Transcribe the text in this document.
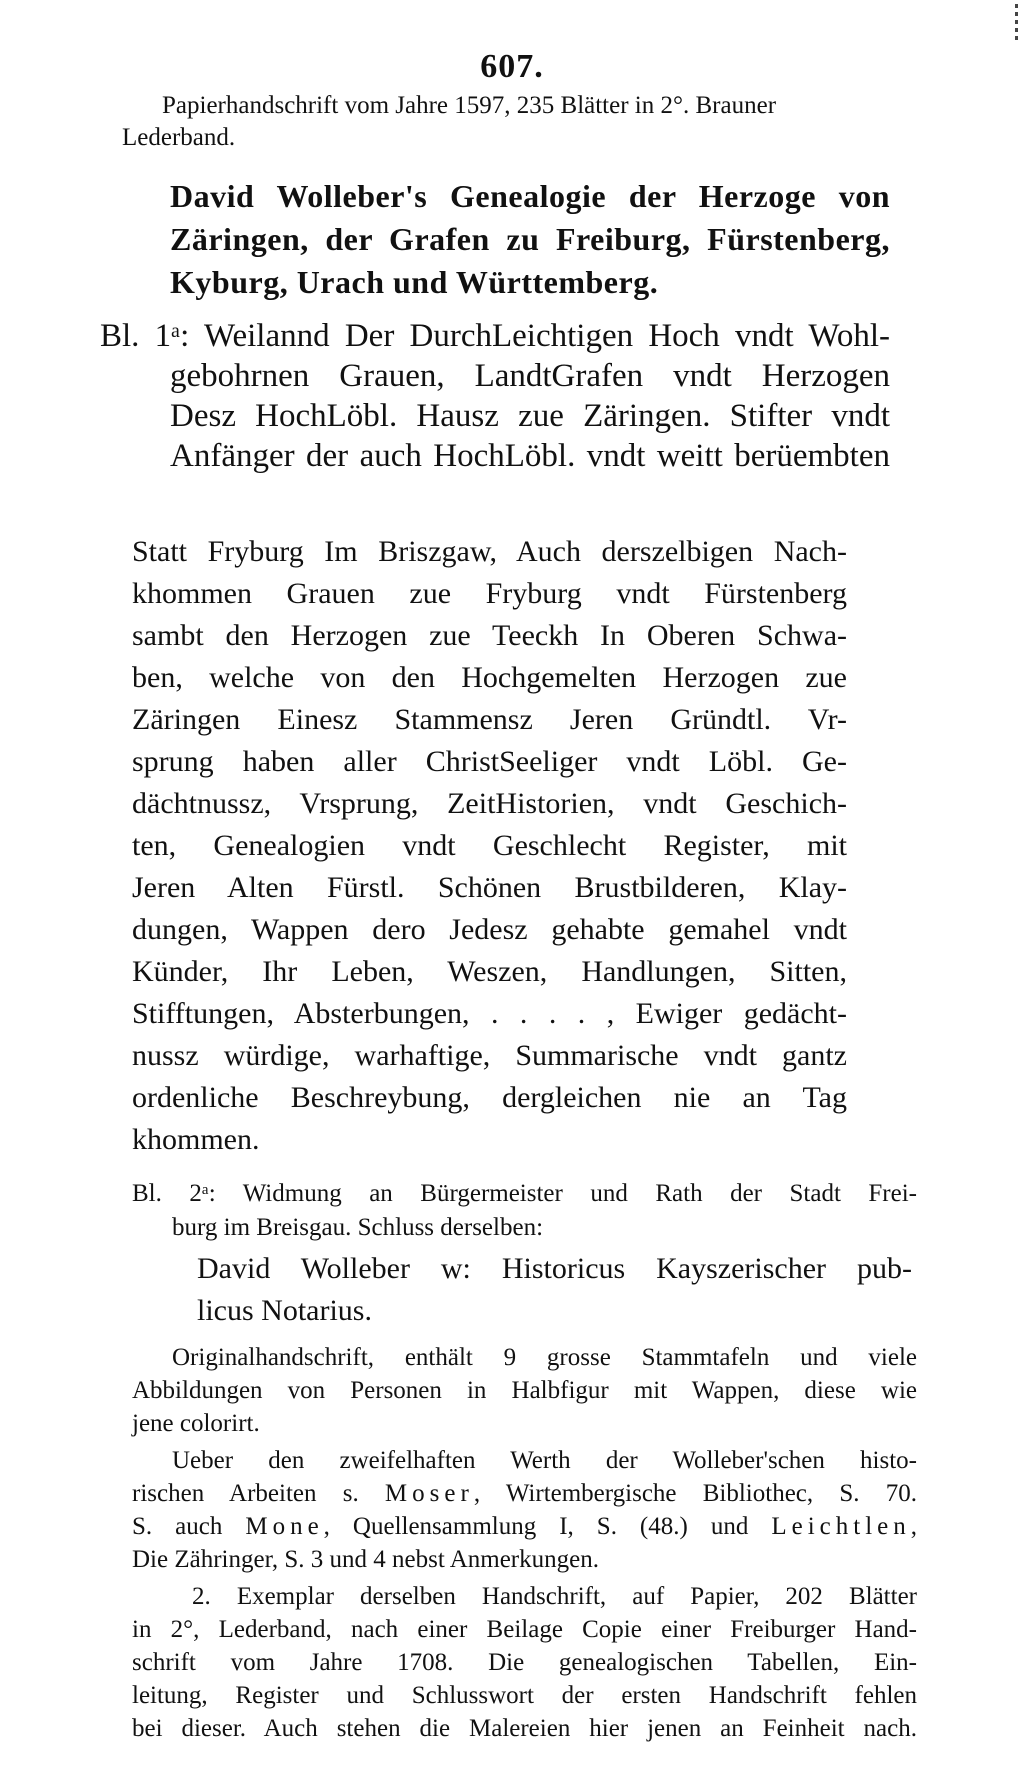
607.
Papierhandschrift vom Jahre 1597, 235 Blätter in 2°. Brauner
Lederband.
David Wolleber's Genealogie der Herzoge von
Zäringen, der Grafen zu Freiburg, Fürstenberg,
Kyburg, Urach und Württemberg.
Bl. 1ᵃ: Weilannd Der DurchLeichtigen Hoch vndt Wohl-
gebohrnen Grauen, LandtGrafen vndt Herzogen
Desz HochLöbl. Hausz zue Zäringen. Stifter vndt
Anfänger der auch HochLöbl. vndt weitt berüembten
Statt Fryburg Im Briszgaw, Auch derszelbigen Nach-
khommen Grauen zue Fryburg vndt Fürstenberg
sambt den Herzogen zue Teeckh In Oberen Schwa-
ben, welche von den Hochgemelten Herzogen zue
Zäringen Einesz Stammensz Jeren Gründtl. Vr-
sprung haben aller ChristSeeliger vndt Löbl. Ge-
dächtnussz, Vrsprung, ZeitHistorien, vndt Geschich-
ten, Genealogien vndt Geschlecht Register, mit
Jeren Alten Fürstl. Schönen Brustbilderen, Klay-
dungen, Wappen dero Jedesz gehabte gemahel vndt
Künder, Ihr Leben, Weszen, Handlungen, Sitten,
Stifftungen, Absterbungen, . . . . , Ewiger gedächt-
nussz würdige, warhaftige, Summarische vndt gantz
ordenliche Beschreybung, dergleichen nie an Tag
khommen.
Bl. 2ᵃ: Widmung an Bürgermeister und Rath der Stadt Frei-
burg im Breisgau. Schluss derselben:
David Wolleber w: Historicus Kayszerischer pub-
licus Notarius.
Originalhandschrift, enthält 9 grosse Stammtafeln und viele
Abbildungen von Personen in Halbfigur mit Wappen, diese wie
jene colorirt.
Ueber den zweifelhaften Werth der Wolleber'schen histo-
rischen Arbeiten s. Moser, Wirtembergische Bibliothec, S. 70.
S. auch Mone, Quellensammlung I, S. (48.) und Leichtlen,
Die Zähringer, S. 3 und 4 nebst Anmerkungen.
2. Exemplar derselben Handschrift, auf Papier, 202 Blätter
in 2°, Lederband, nach einer Beilage Copie einer Freiburger Hand-
schrift vom Jahre 1708. Die genealogischen Tabellen, Ein-
leitung, Register und Schlusswort der ersten Handschrift fehlen
bei dieser. Auch stehen die Malereien hier jenen an Feinheit nach.
